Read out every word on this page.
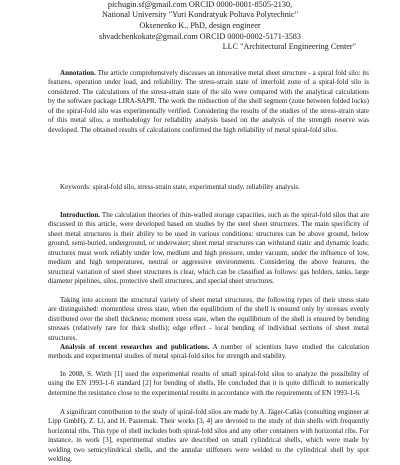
pichugin.sf@gmail.com ORCID 0000-0001-8505-2130,
National University "Yuri Kondratyuk Poltava Polytechnic"
Oksenenko K., PhD, design engineer
shvadchenkokate@gmail.com ORCID 0000-0002-5171-3583
LLC "Architectural Engineering Center"

Annotation. The article comprehensively discusses an innovative metal sheet structure - a spiral fold silo: its features, operation under load, and reliability. The stress-strain state of interfold zone of a spiral-fold silo is considered. The calculations of the stress-strain state of the silo were compared with the analytical calculations by the software package LIRA-SAPR. The work the midsection of the shell segment (zone between folded locks) of the spiral-fold silo was experimentally verified. Considering the results of the studies of the stress-strain state of this metal silos, a methodology for reliability analysis based on the analysis of the strength reserve was developed. The obtained results of calculations confirmed the high reliability of metal spiral-fold silos.

Keywords: spiral-fold silo, stress-strain state, experimental study, reliability analysis.

Introduction. The calculation theories of thin-walled storage capacities, such as the spiral-fold silos that are discussed in this article, were developed based on studies by the steel sheet structures. The main specificity of sheet metal structures is their ability to be used in various conditions: structures can be above ground, below ground, semi-buried, underground, or underwater; sheet metal structures can withstand static and dynamic loads; structures must work reliably under low, medium and high pressure, under vacuum, under the influence of low, medium and high temperatures, neutral or aggressive environments. Considering the above features, the structural variation of steel sheet structures is clear, which can be classified as follows: gas holders, tanks, large diameter pipelines, silos, protective shell structures, and special sheet structures.

Taking into account the structural variety of sheet metal structures, the following types of their stress state are distinguished: momentless stress state, when the equilibrium of the shell is ensured only by stresses evenly distributed over the shell thickness; moment stress state, when the equilibrium of the shell is ensured by bending stresses (relatively rare for thick shells); edge effect - local bending of individual sections of sheet metal structures.

Analysis of recent researches and publications. A number of scientists have studied the calculation methods and experimental studies of metal spiral-fold silos for strength and stability.

In 2008, S. Wirth [1] used the experimental results of small spiral-fold silos to analyze the possibility of using the EN 1993-1-6 standard [2] for bending of shells. He concluded that it is quite difficult to numerically determine the resistance close to the experimental results in accordance with the requirements of EN 1993-1-6.

A significant contribution to the study of spiral-fold silos are made by A. Jäger-Cañás (consulting engineer at Lipp GmbH), Z. Li, and H. Pasternak. Their works [3, 4] are devoted to the study of thin shells with frequently horizontal ribs. This type of shell includes both spiral-fold silos and any other containers with horizontal ribs. For instance, in work [3], experimental studies are described on small cylindrical shells, which were made by welding two semicylindrical shells, and the annular stiffeners were welded to the cylindrical shell by spot welding.
